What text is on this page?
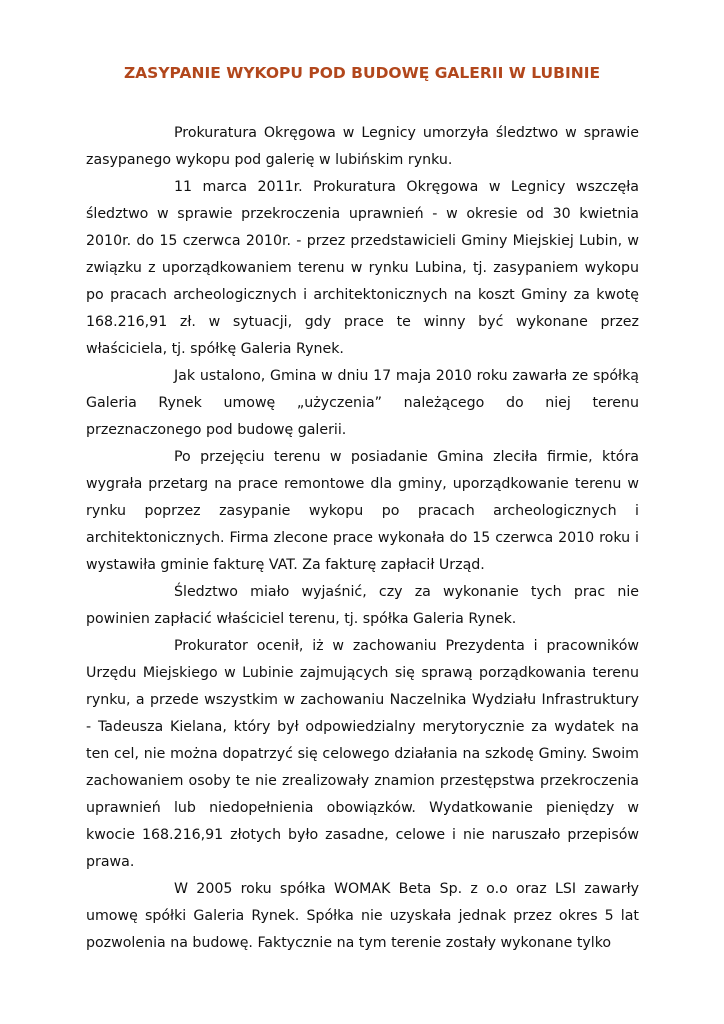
ZASYPANIE WYKOPU POD BUDOWĘ GALERII W LUBINIE

Prokuratura Okręgowa w Legnicy umorzyła śledztwo w sprawie zasypanego wykopu pod galerię w lubińskim rynku.

11 marca 2011r. Prokuratura Okręgowa w Legnicy wszczęła śledztwo w sprawie przekroczenia uprawnień - w okresie od 30 kwietnia 2010r. do 15 czerwca 2010r. - przez przedstawicieli Gminy Miejskiej Lubin, w związku z uporządkowaniem terenu w rynku Lubina, tj. zasypaniem wykopu po pracach archeologicznych i architektonicznych na koszt Gminy za kwotę 168.216,91 zł. w sytuacji, gdy prace te winny być wykonane przez właściciela, tj. spółkę Galeria Rynek.

Jak ustalono, Gmina w dniu 17 maja 2010 roku zawarła ze spółką Galeria Rynek umowę „użyczenia” należącego do niej terenu przeznaczonego pod budowę galerii.

Po przejęciu terenu w posiadanie Gmina zleciła firmie, która wygrała przetarg na prace remontowe dla gminy, uporządkowanie terenu w rynku poprzez zasypanie wykopu po pracach archeologicznych i architektonicznych. Firma zlecone prace wykonała do 15 czerwca 2010 roku i wystawiła gminie fakturę VAT. Za fakturę zapłacił Urząd.

Śledztwo miało wyjaśnić, czy za wykonanie tych prac nie powinien zapłacić właściciel terenu, tj. spółka Galeria Rynek.

Prokurator ocenił, iż w zachowaniu Prezydenta i pracowników Urzędu Miejskiego w Lubinie zajmujących się sprawą porządkowania terenu rynku, a przede wszystkim w zachowaniu Naczelnika Wydziału Infrastruktury - Tadeusza Kielana, który był odpowiedzialny merytorycznie za wydatek na ten cel, nie można dopatrzyć się celowego działania na szkodę Gminy. Swoim zachowaniem osoby te nie zrealizowały znamion przestępstwa przekroczenia uprawnień lub niedopełnienia obowiązków. Wydatkowanie pieniędzy w kwocie 168.216,91 złotych było zasadne, celowe i nie naruszało przepisów prawa.

W 2005 roku spółka WOMAK Beta Sp. z o.o oraz LSI zawarły umowę spółki Galeria Rynek. Spółka nie uzyskała jednak przez okres 5 lat pozwolenia na budowę. Faktycznie na tym terenie zostały wykonane tylko
